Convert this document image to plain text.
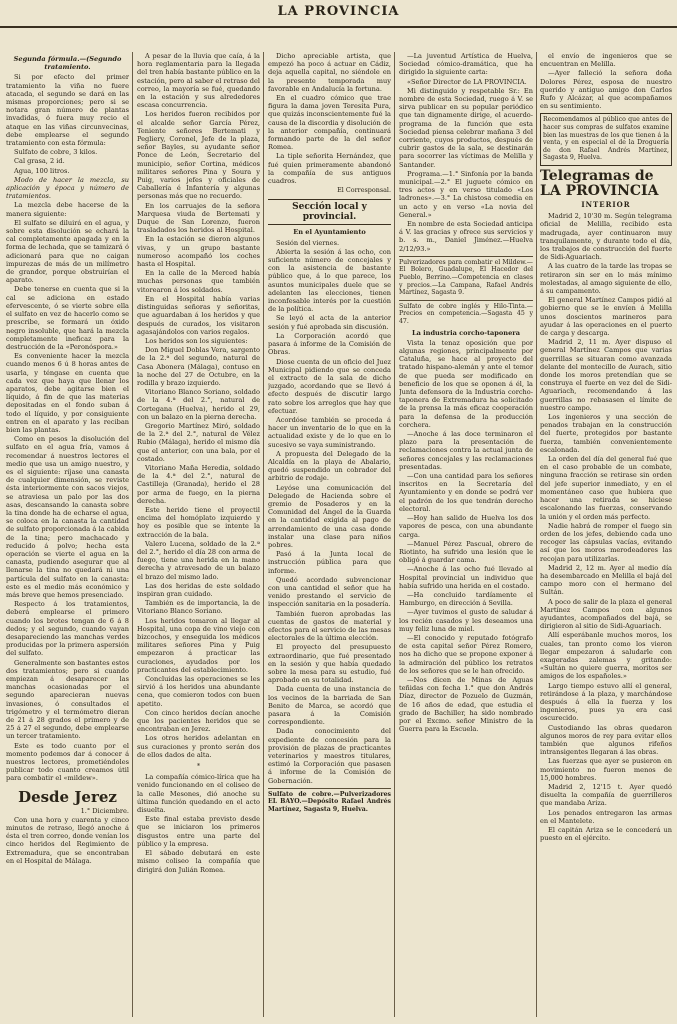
LA PROVINCIA

Segunda fórmula.—(Segundo tratamiento.

Si por efecto del primer tratamiento la viña no fuere atacada, el segundo se dará en las mismas proporciones; pero si se notara gran número de plantas invadidas, ó fuera muy recio el ataque en las viñas circunvecinas, debe emplearse el segundo tratamiento con esta fórmula:

Sulfato de cobre, 3 kilos.

Cal grasa, 2 id.

Agua, 100 litros.

Modo de hacer la mezcla, su aplicación y época y número de tratamientos.

La mezcla debe hacerse de la manera siguiente:

El sulfato se diluirá en el agua, y sobre esta disolución se echará la cal completamente apagada y en la forma de lechada, que se tamizará ó adicionará para que no caigan impurezas de más de un milímetro de grandor, porque obstruirían el aparato.

Debe tenerse en cuenta que si la cal se adiciona en estado efervescente, ó se vierte sobre ella el sulfato en vez de hacerlo como se prescribe, se formará un óxido negro insoluble, que hará la mezcla completamente ineficaz para la destrucción de la «Peronóspora.»

Es conveniente hacer la mezcla cuando menos 6 ú 8 horas antes de usarla, y téngase en cuenta que cada vez que haya que llenar los aparatos, debe agitarse bien el líquido, á fin de que las materias depositadas en el fondo suban á todo el líquido, y por consiguiente entren en el aparato y las reciban bien las plantas.

Como en pesos la disolución del sulfato en el agua fría, vamos á recomendar á nuestros lectores el medio que usa un amigo nuestro, y es el siguiente: ríjase una canasta de cualquier dimensión, se reviste ésta interiormente con sacos viejos, se atraviesa un palo por las dos asas, descansando la canasta sobre la tina donde ha de echarse el agua, se coloca en la canasta la cantidad de sulfato proporcionada á la cabida de la tina; pero machacado y reducido á polvo; hecha esta operación se vierte el agua en la canasta, pudiendo asegurar que al llenarse la tina no quedará ni una partícula del sulfato en la canasta: este es el medio más económico y más breve que hemos presenciado.

Respecto á los tratamientos, deberá emplearse el primero cuando los brotes tengan de 6 á 8 dedos; y el segundo, cuando vayan desapareciendo las manchas verdes producidas por la primera aspersión del sulfato.

Generalmente son bastantes estos dos tratamientos; pero si cuando empiezan á desaparecer las manchas ocasionadas por el segundo aparecieran nuevas invasiones, ó consultados el trigómetro y el termómetro dieran de 21 á 28 grados el primero y de 25 á 27 el segundo, debe emplearse un tercer tratamiento.

Este es todo cuanto por el momento podemos dar á conocer á nuestros lectores, prometiéndoles publicar todo cuanto creamos útil para combatir el «mildew».

Desde Jerez

1.° Diciembre.

Con una hora y cuarenta y cinco minutos de retraso, llegó anoche á ésta el tren correo, donde venían los cinco heridos del Regimiento de Extremadura, que se encontraban en el Hospital de Málaga.

A pesar de la lluvia que caía, á la hora reglamentaria para la llegada del tren había bastante público en la estación, pero al saber el retraso del correo, la mayoría se fué, quedando en la estación y sus alrededores escasa concurrencia.

Los heridos fueron recibidos por el alcalde señor García Pérez, Teniente señores Bertemati y Pegliery, Coronel, Jefe de la plaza, señor Bayles, su ayudante señor Ponce de León, Secretario del municipio, señor Cortina, médicos militares señores Pina y Soura y Puig, varios jefes y oficiales de Caballería é Infantería y algunas personas más que no recuerdo.

En los carruajes de la señora Marquesa viuda de Bertemati y Duque de San Lorenzo, fueron trasladados los heridos al Hospital.

En la estación se dieron algunos vivas, y un grupo bastante numeroso acompañó los coches hasta el Hospital.

En la calle de la Merced había muchas personas que también vitorearon á los soldados.

En el Hospital había varias distinguidas señoras y señoritas, que aguardaban á los heridos y que después de curados, los visitaron agasajándolos con varios regalos.

Los heridos son los siguientes:

Don Miguel Doblas Vera, sargento de la 2.ª del segundo, natural de Casa Abonera (Málaga), contuso en la noche del 27 de Octubre, en la rodilla y brazo izquierdo.

Vitoriano Blanco Soriano, soldado de la 4.ª del 2.°, natural de Cortegana (Huelva), herido el 29, con un balazo en la pierna derecha.

Gregorio Martínez Miró, soldado de la 2.ª del 2.°, natural de Vélez Rubio (Málaga), herido el mismo día que el anterior, con una bala, por el costado.

Vitoriano Maña Heredia, soldado de la 4.ª del 2.°, natural de Castilleja (Granada), herido el 28 por arma de fuego, en la pierna derecha.

Este herido tiene el proyectil encima del homóplato izquierdo y hoy es posible que se intente la extracción de la bala.

Valero Lucena, soldado de la 2.ª del 2.°, herido el día 28 con arma de fuego, tiene una herida en la mano derecha y atravesado de un balazo el brazo del mismo lado.

Las dos heridas de este soldado inspiran gran cuidado.

También es de importancia, la de Vitoriano Blanco Soriano.

Los heridos tomaron al llegar al Hospital, una copa de vino viejo con bizcochos, y enseguida los médicos militares señores Pina y Puig empezaron á practicar las curaciones, ayudados por los practicantes del establecimiento.

Concluidas las operaciones se les sirvió á los heridos una abundante cena, que comieron todos con buen apetito.

Con cinco heridos decían anoche que los pacientes heridos que se encontraban en Jerez.

Los otros heridos adelantan en sus curaciones y pronto serán dos de ellos dados de alta.

*

La compañía cómico-lírica que ha venido funcionando en el coliseo de la calle Mesones, dió anoche su última función quedando en el acto disuelta.

Este final estaba previsto desde que se iniciaron los primeros disgustos entre una parte del público y la empresa.

El sábado debutará en este mismo coliseo la compañía que dirigirá don Julián Romea.

Dicho apreciable artista, que empezó ha poco á actuar en Cádiz, deja aquella capital, no siéndole en la presente temporada muy favorable en Andalucía la fortuna.

En el cuadro cómico que trae figura la dama joven Teresita Pura, que quizás inconscientemente fué la causa de la discordia y disolución de la anterior compañía, continuará formando parte de la del señor Romea.

La tiple señorita Hernández, que fué quien primeramente abandonó la compañía de sus antiguos cuadros.

El Corresponsal.
Sección local y provincial.

En el Ayuntamiento

Sesión del viernes.

Abierta la sesión á las ocho, con suficiente número de concejales y con la asistencia de bastante público que, á lo que parece, los asuntos municipales duele que se adelanten las elecciones, tienen inconfesable interés por la cuestión de la política.

Se leyó el acta de la anterior sesión y fué aprobada sin discusión.

La Corporación acordó que pasara á informe de la Comisión de Obras.

Diose cuenta de un oficio del Juez Municipal pidiendo que se conceda el extracto de la sala de dicho juzgado, acordando que se llevó á efecto después de discutir largo rato sobre los arreglos que hay que efectuar.

Acordóse también se proceda á hacer un inventario de lo que en la actualidad existe y de lo que en lo sucesivo se vaya suministrando.

A propuesta del Delegado de la Alcaldía en la playa de Abalario, quedó suspendido un cobrador del arbitrio de rodaje.

Leyóse una comunicación del Delegado de Hacienda sobre el gremio de Posaderos y en la Comunidad del Ángel de la Guarda en la cantidad exigida al pago de arrendamiento de una casa donde instalar una clase para niños pobres.

Pasó á la Junta local de instrucción pública para que informe.

Quedó acordado subvencionar con una cantidad el señor que ha venido prestando el servicio de inspección sanitaria en la posadería.

También fueron aprobadas las cuentas de gastos de material y efectos para el servicio de las mesas electorales de la última elección.

El proyecto del presupuesto extraordinario, que fué presentado en la sesión y que había quedado sobre la mesa para su estudio, fué aprobado en su totalidad.

Dada cuenta de una instancia de los vecinos de la barriada de San Benito de Marca, se acordó que pasara á la Comisión correspondiente.

Dada conocimiento del expediente de concesión para la provisión de plazas de practicantes veterinarios y maestros titulares, estimó la Corporación que pasasen á informe de la Comisión de Gobernación.

Sulfato de cobre.—Pulverizadores EL BAYO.—Depósito Rafael Andrés Martínez, Sagasta 9, Huelva.

—La juventud Artística de Huelva, Sociedad cómico-dramática, que ha dirigido la siguiente carta:

«Señor Director de LA PROVINCIA.

Mi distinguido y respetable Sr.: En nombre de esta Sociedad, ruego á V. se sirva publicar en su popular periódico que tan dignamente dirige, el acuerdo-programa de la función que esta Sociedad piensa celebrar mañana 3 del corriente, cuyos productos, después de cubrir gastos de la sala, se destinarán para socorrer las víctimas de Melilla y Santander.

Programa.—1.° Sinfonía por la banda municipal.—2.° El juguete cómico en tres actos y en verso titulado «Los ladrones».—3.° La chistosa comedia en un acto y en verso «La novia del General.»

En nombre de esta Sociedad anticipa á V. las gracias y ofrece sus servicios y b. s. m., Daniel Jiménez.—Huelva 2/12/93.»

Pulverizadores para combatir el Mildew.—El Bolero, Guadalupe, El Hacedor del Pueblo, Berrino.—Competencia en clases y precios.—La Campana, Rafael Andrés Martínez, Sagasta 9.

Sulfato de cobre inglés y Hilo-Tinta.—Precios en competencia.—Sagasta 45 y 47.

La industria corcho-taponera

Vista la tenaz oposición que por algunas regiones, principalmente por Cataluña, se hace al proyecto del tratado hispano-alemán y ante el temor de que pueda ser modificado en beneficio de los que se oponen á él, la Junta defensora de la Industria corcho-taponera de Extremadura ha solicitado de la prensa la más eficaz cooperación para la defensa de la producción corchera.

—Anoche á las doce terminaron el plazo para la presentación de reclamaciones contra la actual junta de señores concejales y las reclamaciones presentadas.

—Con una cantidad para los señores inscritos en la Secretaría del Ayuntamiento y en donde se podrá ver el padrón de los que tendrán derecho electoral.

—Hoy han salido de Huelva los dos vapores de pesca, con una abundante carga.

—Manuel Pérez Pascual, obrero de Riotinto, ha sufrido una lesión que le obligó á guardar cama.

—Anoche á las ocho fué llevado al Hospital provincial un individuo que había sufrido una herida en el costado.

—Ha concluido tardíamente el Hamburgo, en dirección á Sevilla.

—Ayer tuvimos el gusto de saludar á los recién casados y les deseamos una muy feliz luna de miel.

—El conocido y reputado fotógrafo de esta capital señor Pérez Romero, nos ha dicho que se propone exponer á la admiración del público los retratos de los señores que se le han ofrecido.

—Nos dicen de Minas de Aguas teñidas con fecha 1.° que don Andrés Díaz, director de Pozuelo de Guzmán, de 16 años de edad, que estudia el grado de Bachiller, ha sido nombrado por el Excmo. señor Ministro de la Guerra para la Escuela.

el envío de ingenieros que se encuentran en Melilla.

—Ayer falleció la señora doña Dolores Pérez, esposa de nuestro querido y antiguo amigo don Carlos Rufo y Alcázar, al que acompañamos en su sentimiento.

Recomendamos al público que antes de hacer sus compras de sulfatos examine bien las muestras de los que tienen á la venta, y en especial el de la Droguería de don Rafael Andrés Martínez, Sagasta 9, Huelva.

Telegramas de LA PROVINCIA
INTERIOR

Madrid 2, 10'30 m. Según telegrama oficial de Melilla, recibido esta madrugada, ayer continuaron muy tranquilamente, y durante todo el día, los trabajos de construcción del fuerte de Sidi-Aguariach.

A las cuatro de la tarde las tropas se retiraron sin ser en lo más mínimo molestadas, al amago siguiente de ello, á su campamento.

El general Martínez Campos pidió al gobierno que se le envíen á Melilla unos doscientos marineros para ayudar á las operaciones en el puerto de carga y descarga.

Madrid 2, 11 m. Ayer dispuso el general Martínez Campos que varias guerrillas se situaran como avanzada delante del montecillo de Aurach, sitio donde los moros pretendían que se construya el fuerte en vez del de Sidi-Aguariach, recomendando á las guerrillas no rebasasen el límite de nuestro campo.

Los ingenieros y una sección de penados trabajan en la construcción del fuerte, protegidos por bastante fuerza, también convenientemente escalonada.

La orden del día del general fué que en el caso probable de un combate, ninguna fracción se retirase sin orden del jefe superior inmediato, y en el momentáneo caso que hubiera que hacer una retirada se hiciese escalonando las fuerzas, conservando la unión y el orden más perfecto.

Nadie habrá de romper el fuego sin orden de los jefes, debiendo cada uno recoger las cápsulas vacías, evitando así que los moros merodeadores las recojan para utilizarlas.

Madrid 2, 12 m. Ayer al medio día ha desembarcado en Melilla el bajá del campo moro con el hermano del Sultán.

A poco de salir de la plaza el general Martínez Campos con algunos ayudantes, acompañados del bajá, se dirigieron al sitio de Sidi-Aguariach.

Allí esperábanle muchos moros, los cuales, tan pronto como los vieron llegar empezaron á saludarle con exageradas zalemas y gritando: «Sultán no quiere guerra, moritos ser amigos de los españoles.»

Largo tiempo estuvo allí el general, retirándose á la plaza, y marchándose después á ella la fuerza y los ingenieros, pues ya era casi oscurecido.

Custodiando las obras quedaron algunos moros de rey para evitar ellos también que algunos rifeños intransigentes llegaran á las obras.

Las fuerzas que ayer se pusieron en movimiento no fueron menos de 15,000 hombres.

Madrid 2, 12'15 t. Ayer quedó disuelta la compañía de guerrilleros que mandaba Ariza.

Los penados entregaron las armas en el Mantelete.

El capitán Ariza se le concederá un puesto en el ejército.
